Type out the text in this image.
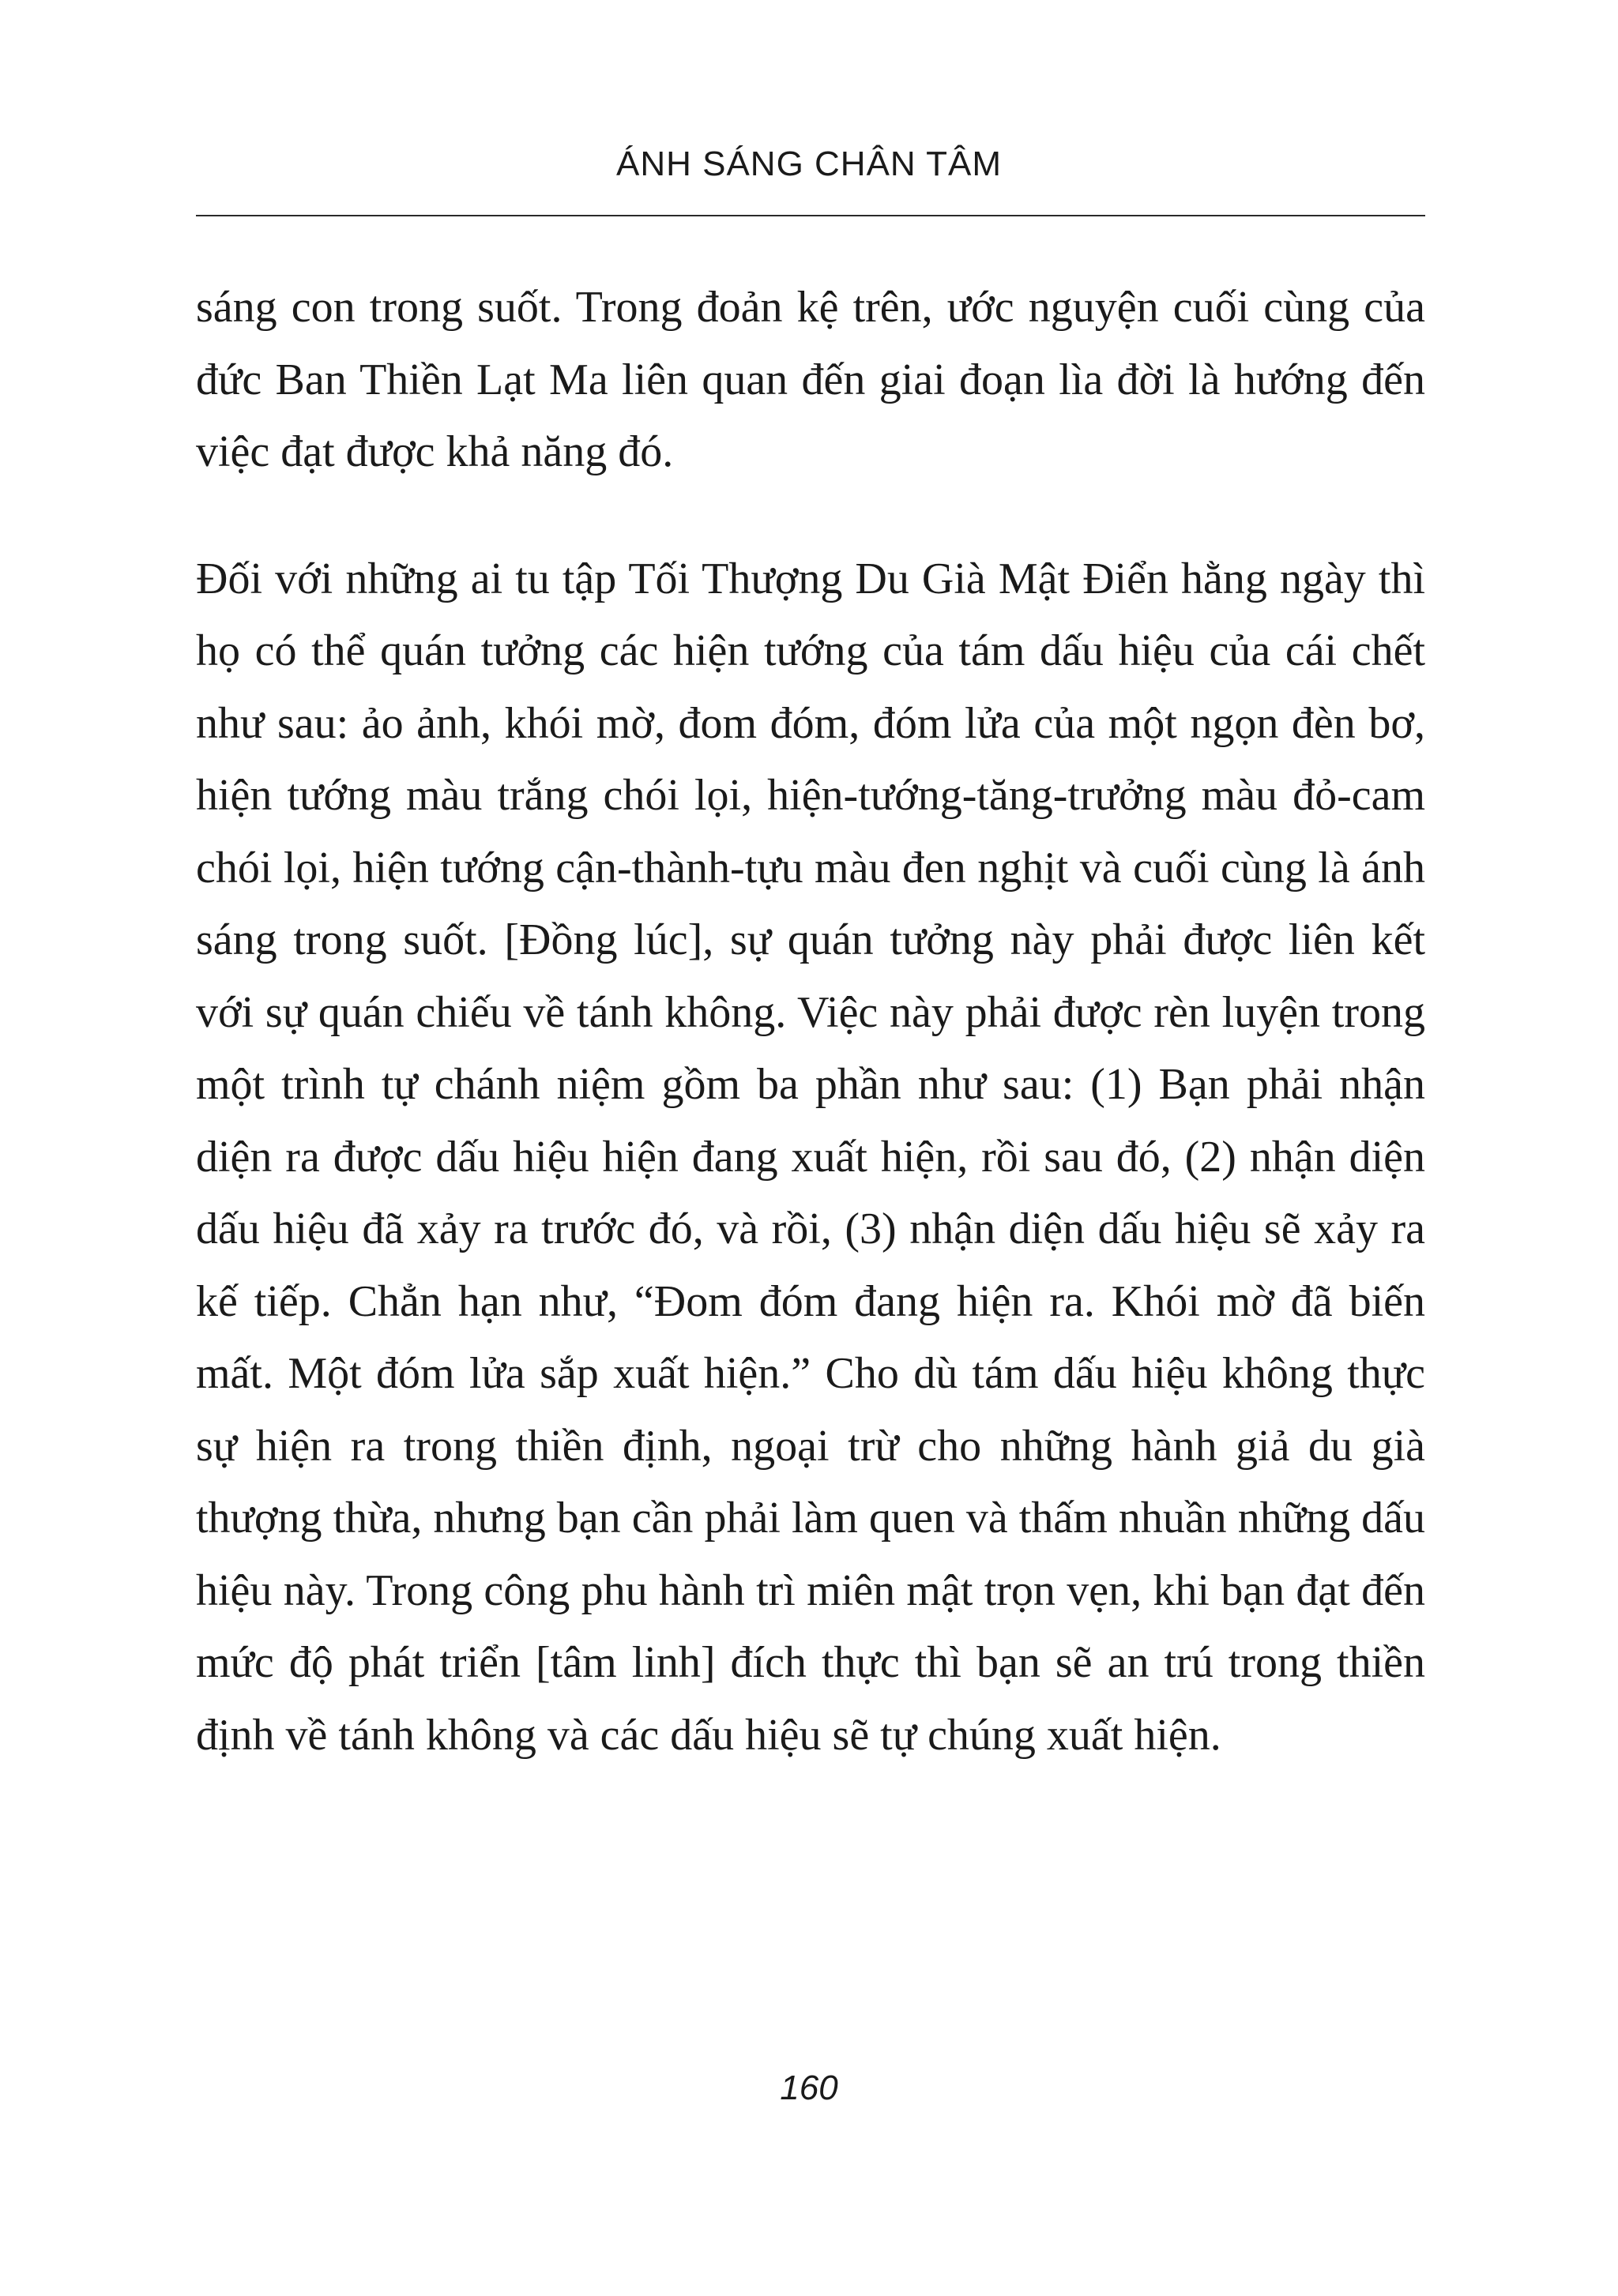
ÁNH SÁNG CHÂN TÂM

sáng con trong suốt. Trong đoản kệ trên, ước nguyện cuối cùng của đức Ban Thiền Lạt Ma liên quan đến giai đoạn lìa đời là hướng đến việc đạt được khả năng đó.

Đối với những ai tu tập Tối Thượng Du Già Mật Điển hằng ngày thì họ có thể quán tưởng các hiện tướng của tám dấu hiệu của cái chết như sau: ảo ảnh, khói mờ, đom đóm, đóm lửa của một ngọn đèn bơ, hiện tướng màu trắng chói lọi, hiện-tướng-tăng-trưởng màu đỏ-cam chói lọi, hiện tướng cận-thành-tựu màu đen nghịt và cuối cùng là ánh sáng trong suốt. [Đồng lúc], sự quán tưởng này phải được liên kết với sự quán chiếu về tánh không. Việc này phải được rèn luyện trong một trình tự chánh niệm gồm ba phần như sau: (1) Bạn phải nhận diện ra được dấu hiệu hiện đang xuất hiện, rồi sau đó, (2) nhận diện dấu hiệu đã xảy ra trước đó, và rồi, (3) nhận diện dấu hiệu sẽ xảy ra kế tiếp. Chẳn hạn như, “Đom đóm đang hiện ra. Khói mờ đã biến mất. Một đóm lửa sắp xuất hiện.” Cho dù tám dấu hiệu không thực sự hiện ra trong thiền định, ngoại trừ cho những hành giả du già thượng thừa, nhưng bạn cần phải làm quen và thấm nhuần những dấu hiệu này. Trong công phu hành trì miên mật trọn vẹn, khi bạn đạt đến mức độ phát triển [tâm linh] đích thực thì bạn sẽ an trú trong thiền định về tánh không và các dấu hiệu sẽ tự chúng xuất hiện.

160
